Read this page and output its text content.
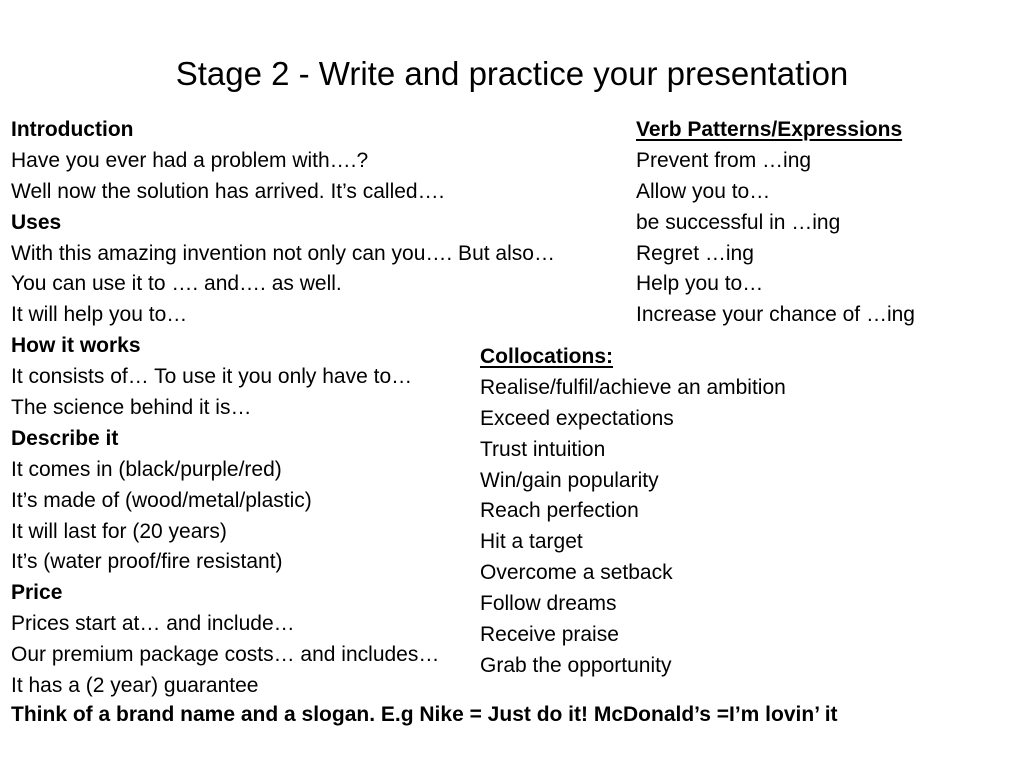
Stage 2 - Write and practice your presentation
Introduction
Have you ever had a problem with….?
Well now the solution has arrived. It’s called….
Uses
With this amazing invention not only can you…. But also…
You can use it to …. and…. as well.
It will help you to…
How it works
It consists of… To use it you only have to…
The science behind it is…
Describe it
It comes in (black/purple/red)
It’s made of (wood/metal/plastic)
It will last for (20 years)
It’s (water proof/fire resistant)
Price
Prices start at… and include…
Our premium package costs… and includes…
It has a (2 year) guarantee
Verb Patterns/Expressions
Prevent from …ing
Allow you to…
be successful in …ing
Regret …ing
Help you to…
Increase your chance of …ing
Collocations:
Realise/fulfil/achieve an ambition
Exceed expectations
Trust intuition
Win/gain popularity
Reach perfection
Hit a target
Overcome a setback
Follow dreams
Receive praise
Grab the opportunity
Think of a brand name and a slogan. E.g Nike = Just do it! McDonald’s =I’m lovin’ it
